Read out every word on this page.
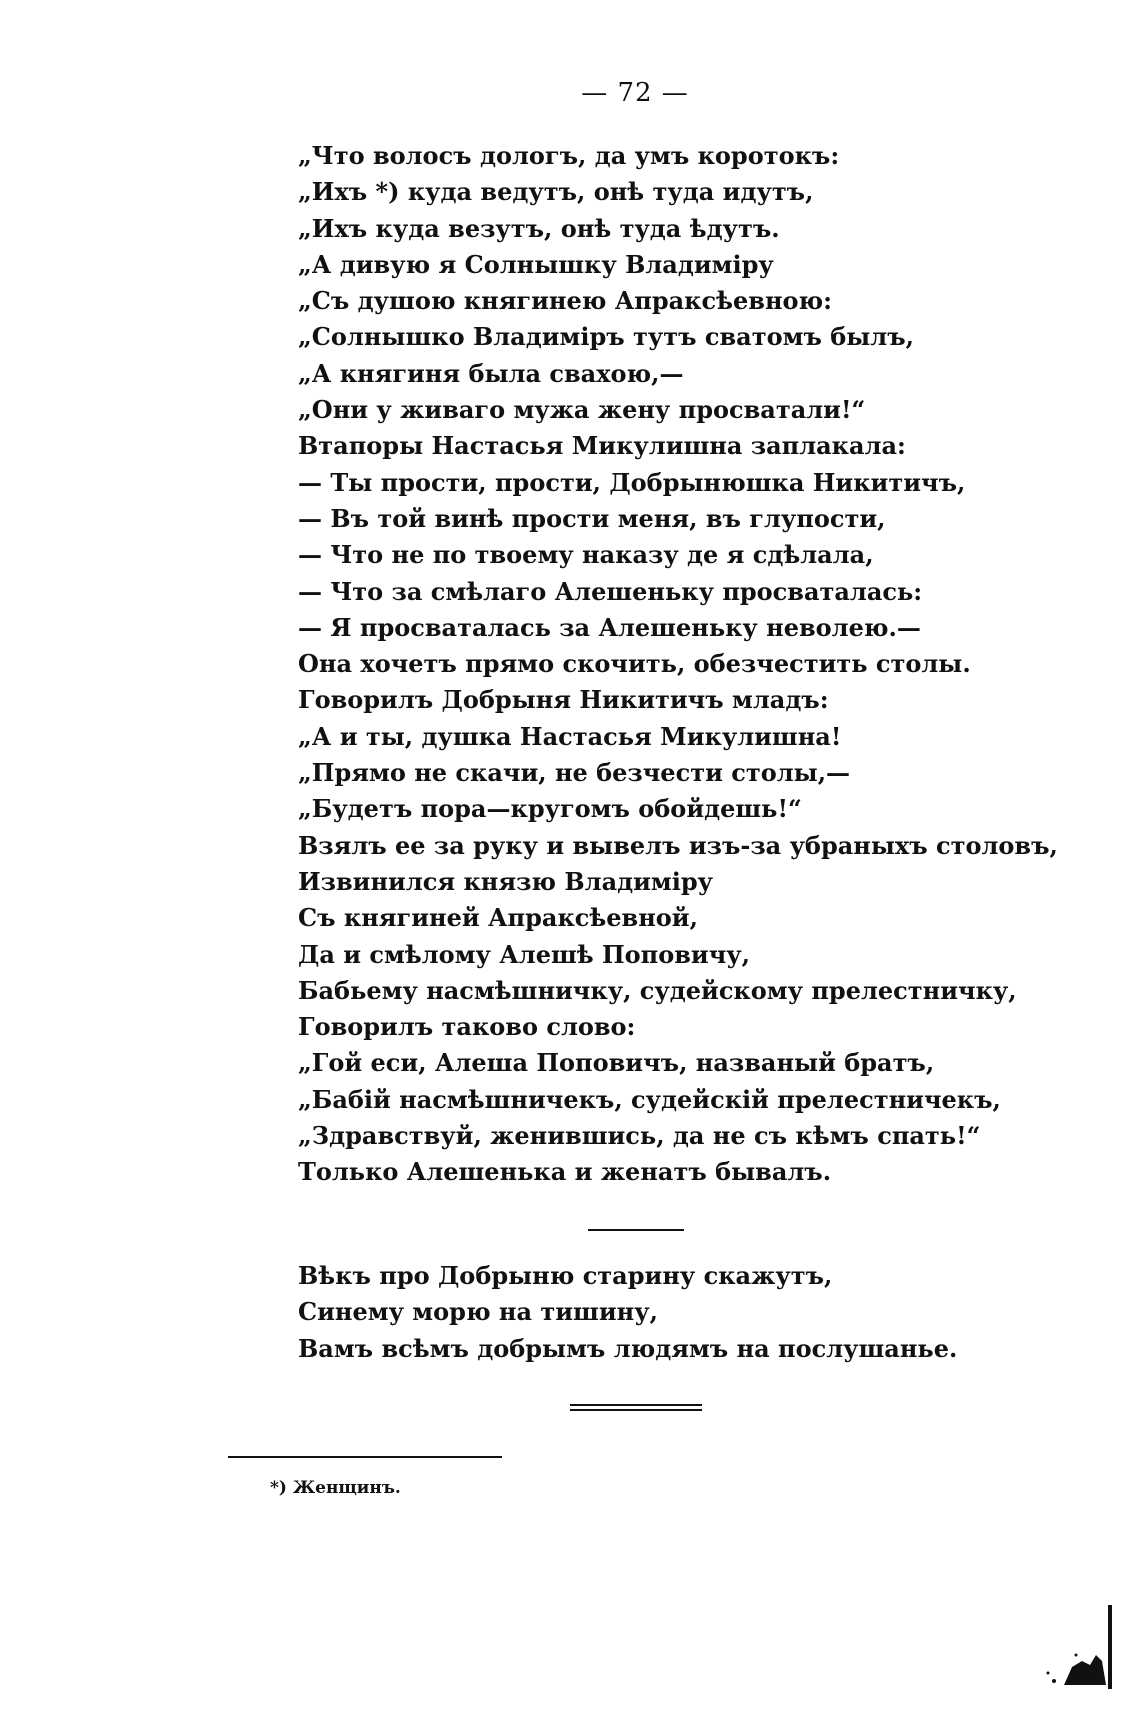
— 72 —
„Что волосъ дологъ, да умъ коротокъ:
„Ихъ *) куда ведутъ, онѣ туда идутъ,
„Ихъ куда везутъ, онѣ туда ѣдутъ.
„А дивую я Солнышку Владиміру
„Съ душою княгинею Апраксѣевною:
„Солнышко Владиміръ тутъ сватомъ былъ,
„А княгиня была свахою,—
„Они у живаго мужа жену просватали!“
Втапоры Настасья Микулишна заплакала:
— Ты прости, прости, Добрынюшка Никитичъ,
— Въ той винѣ прости меня, въ глупости,
— Что не по твоему наказу де я сдѣлала,
— Что за смѣлаго Алешеньку просваталась:
— Я просваталась за Алешеньку неволею.—
Она хочетъ прямо скочить, обезчестить столы.
Говорилъ Добрыня Никитичъ младъ:
„А и ты, душка Настасья Микулишна!
„Прямо не скачи, не безчести столы,—
„Будетъ пора—кругомъ обойдешь!“
Взялъ ее за руку и вывелъ изъ-за убраныхъ столовъ,
Извинился князю Владиміру
Съ княгиней Апраксѣевной,
Да и смѣлому Алешѣ Поповичу,
Бабьему насмѣшничку, судейскому прелестничку,
Говорилъ таково слово:
„Гой еси, Алеша Поповичъ, названый братъ,
„Бабій насмѣшничекъ, судейскій прелестничекъ,
„Здравствуй, женившись, да не съ кѣмъ спать!“
Только Алешенька и женатъ бывалъ.
Вѣкъ про Добрыню старину скажутъ,
Синему морю на тишину,
Вамъ всѣмъ добрымъ людямъ на послушанье.
*) Женщинъ.
